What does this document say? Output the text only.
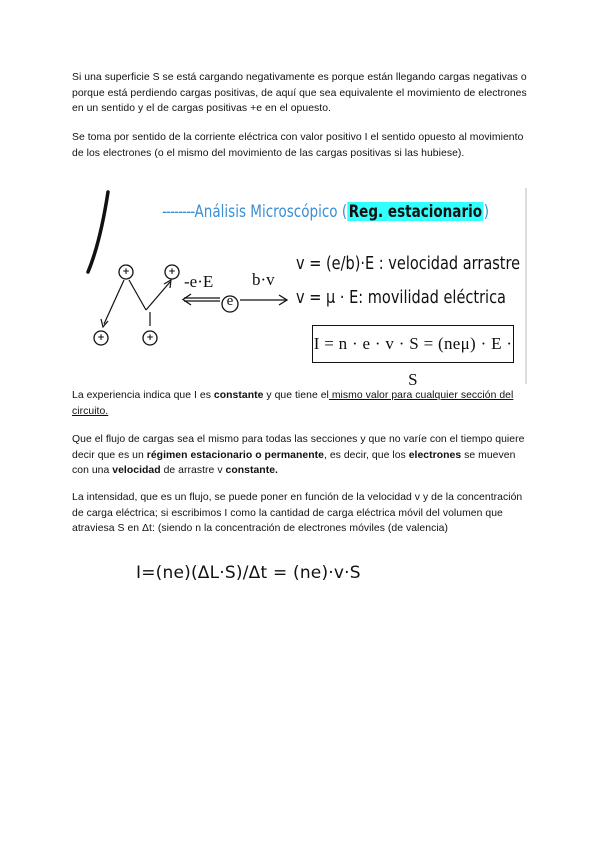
Si una superficie S se está cargando negativamente es porque están llegando cargas negativas o porque está perdiendo cargas positivas, de aquí que sea equivalente el movimiento de electrones en un sentido y el de cargas positivas +e en el opuesto.
Se toma por sentido de la corriente eléctrica con valor positivo I el sentido opuesto al movimiento de los electrones (o el mismo del movimiento de las cargas positivas si las hubiese).
+	+
+	+
e
-e·E b·v
--------Análisis Microscópico (Reg. estacionario)
v = (e/b)·E : velocidad arrastre
v = μ · E: movilidad eléctrica
I = n · e · v · S = (neμ) · E · S
La experiencia indica que I es constante y que tiene el mismo valor para cualquier sección del circuito.
Que el flujo de cargas sea el mismo para todas las secciones y que no varíe con el tiempo quiere decir que es un régimen estacionario o permanente, es decir, que los electrones se mueven con una velocidad de arrastre v constante.
La intensidad, que es un flujo, se puede poner en función de la velocidad v y de la concentración de carga eléctrica; si escribimos I como la cantidad de carga eléctrica móvil del volumen que atraviesa S en Δt: (siendo n la concentración de electrones móviles (de valencia)
I=(ne)(ΔL·S)/Δt = (ne)·v·S
